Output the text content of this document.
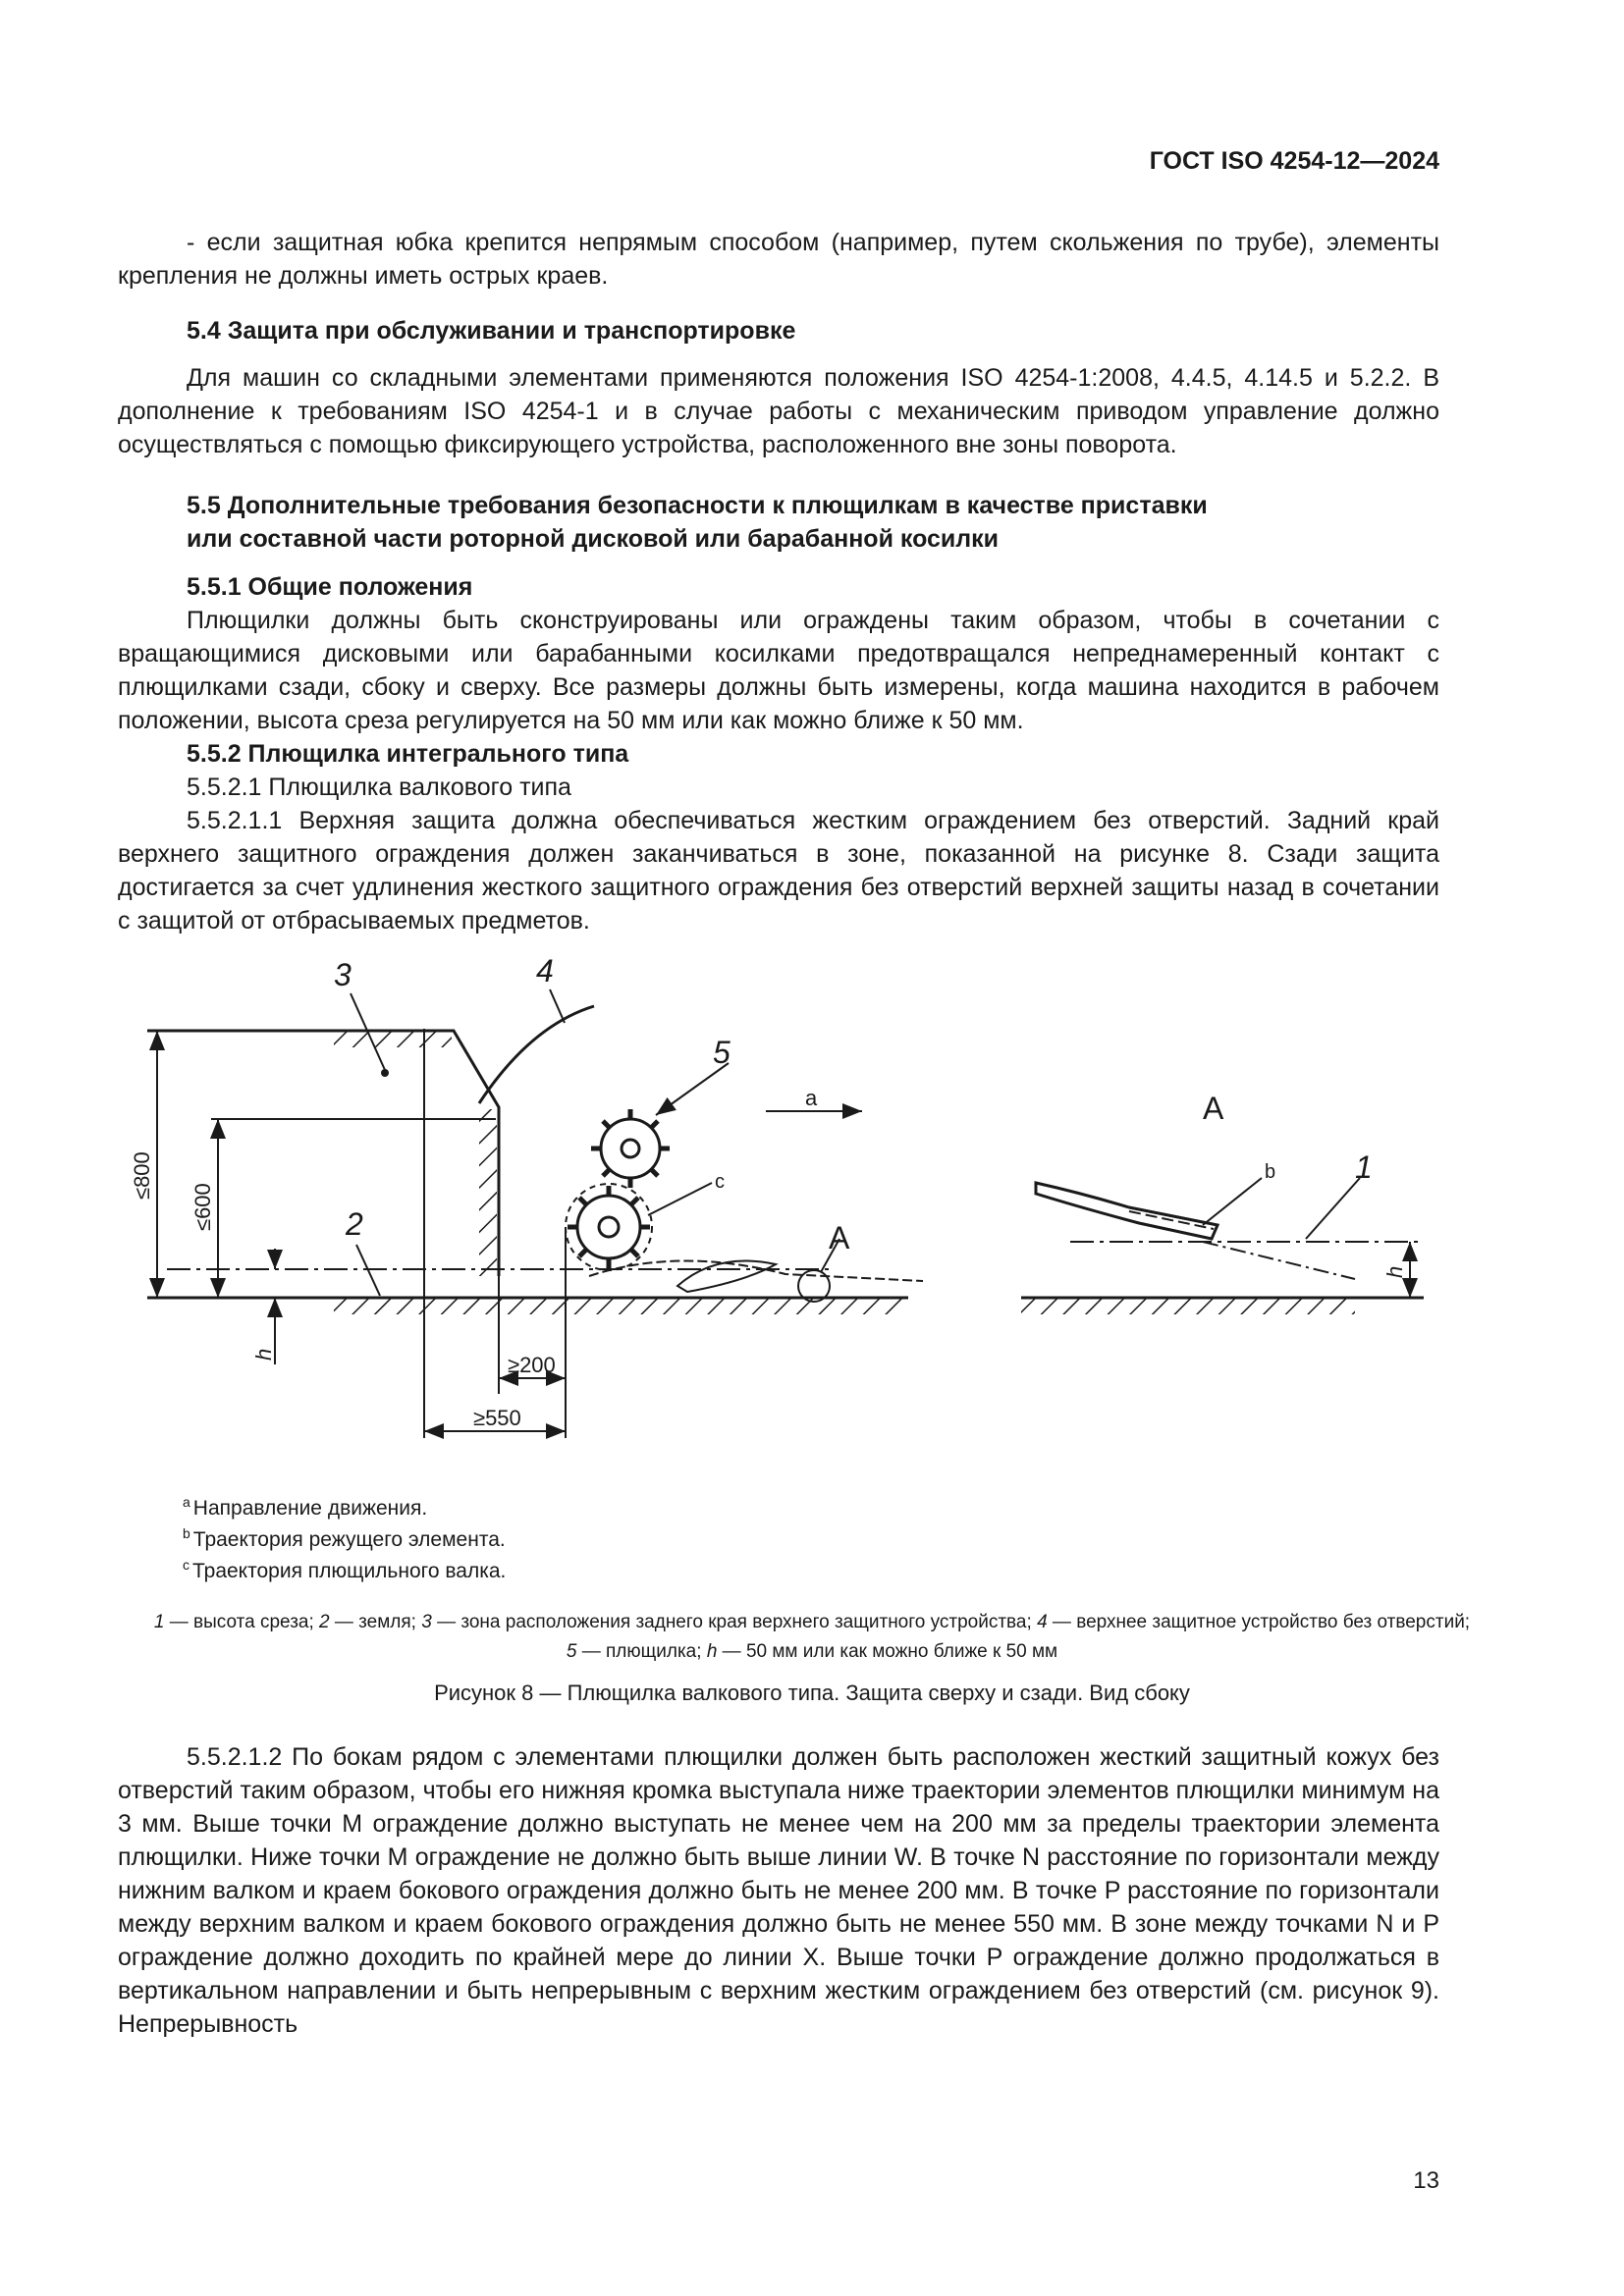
ГОСТ ISO 4254-12—2024
- если защитная юбка крепится непрямым способом (например, путем скольжения по трубе), элементы крепления не должны иметь острых краев.
5.4 Защита при обслуживании и транспортировке
Для машин со складными элементами применяются положения ISO 4254-1:2008, 4.4.5, 4.14.5 и 5.2.2. В дополнение к требованиям ISO 4254-1 и в случае работы с механическим приводом управление должно осуществляться с помощью фиксирующего устройства, расположенного вне зоны поворота.
5.5 Дополнительные требования безопасности к плющилкам в качестве приставки
или составной части роторной дисковой или барабанной косилки
5.5.1 Общие положения
Плющилки должны быть сконструированы или ограждены таким образом, чтобы в сочетании с вращающимися дисковыми или барабанными косилками предотвращался непреднамеренный контакт с плющилками сзади, сбоку и сверху. Все размеры должны быть измерены, когда машина находится в рабочем положении, высота среза регулируется на 50 мм или как можно ближе к 50 мм.
5.5.2 Плющилка интегрального типа
5.5.2.1 Плющилка валкового типа
5.5.2.1.1 Верхняя защита должна обеспечиваться жестким ограждением без отверстий. Задний край верхнего защитного ограждения должен заканчиваться в зоне, показанной на рисунке 8. Сзади защита достигается за счет удлинения жесткого защитного ограждения без отверстий верхней защиты назад в сочетании с защитой от отбрасываемых предметов.
3	4
5
2
a
c
A
≤800
≤600
h	≥200
≥550
A
b	1
h
$^a$ Направление движения.
$^b$ Траектория режущего элемента.
$^c$ Траектория плющильного валка.
1 — высота среза; 2 — земля; 3 — зона расположения заднего края верхнего защитного устройства; 4 — верхнее защитное устройство без отверстий; 5 — плющилка; h — 50 мм или как можно ближе к 50 мм
Рисунок 8 — Плющилка валкового типа. Защита сверху и сзади. Вид сбоку
5.5.2.1.2 По бокам рядом с элементами плющилки должен быть расположен жесткий защитный кожух без отверстий таким образом, чтобы его нижняя кромка выступала ниже траектории элементов плющилки минимум на 3 мм. Выше точки М ограждение должно выступать не менее чем на 200 мм за пределы траектории элемента плющилки. Ниже точки М ограждение не должно быть выше линии W. В точке N расстояние по горизонтали между нижним валком и краем бокового ограждения должно быть не менее 200 мм. В точке P расстояние по горизонтали между верхним валком и краем бокового ограждения должно быть не менее 550 мм. В зоне между точками N и P ограждение должно доходить по крайней мере до линии X. Выше точки P ограждение должно продолжаться в вертикальном направлении и быть непрерывным с верхним жестким ограждением без отверстий (см. рисунок 9). Непрерывность
13
